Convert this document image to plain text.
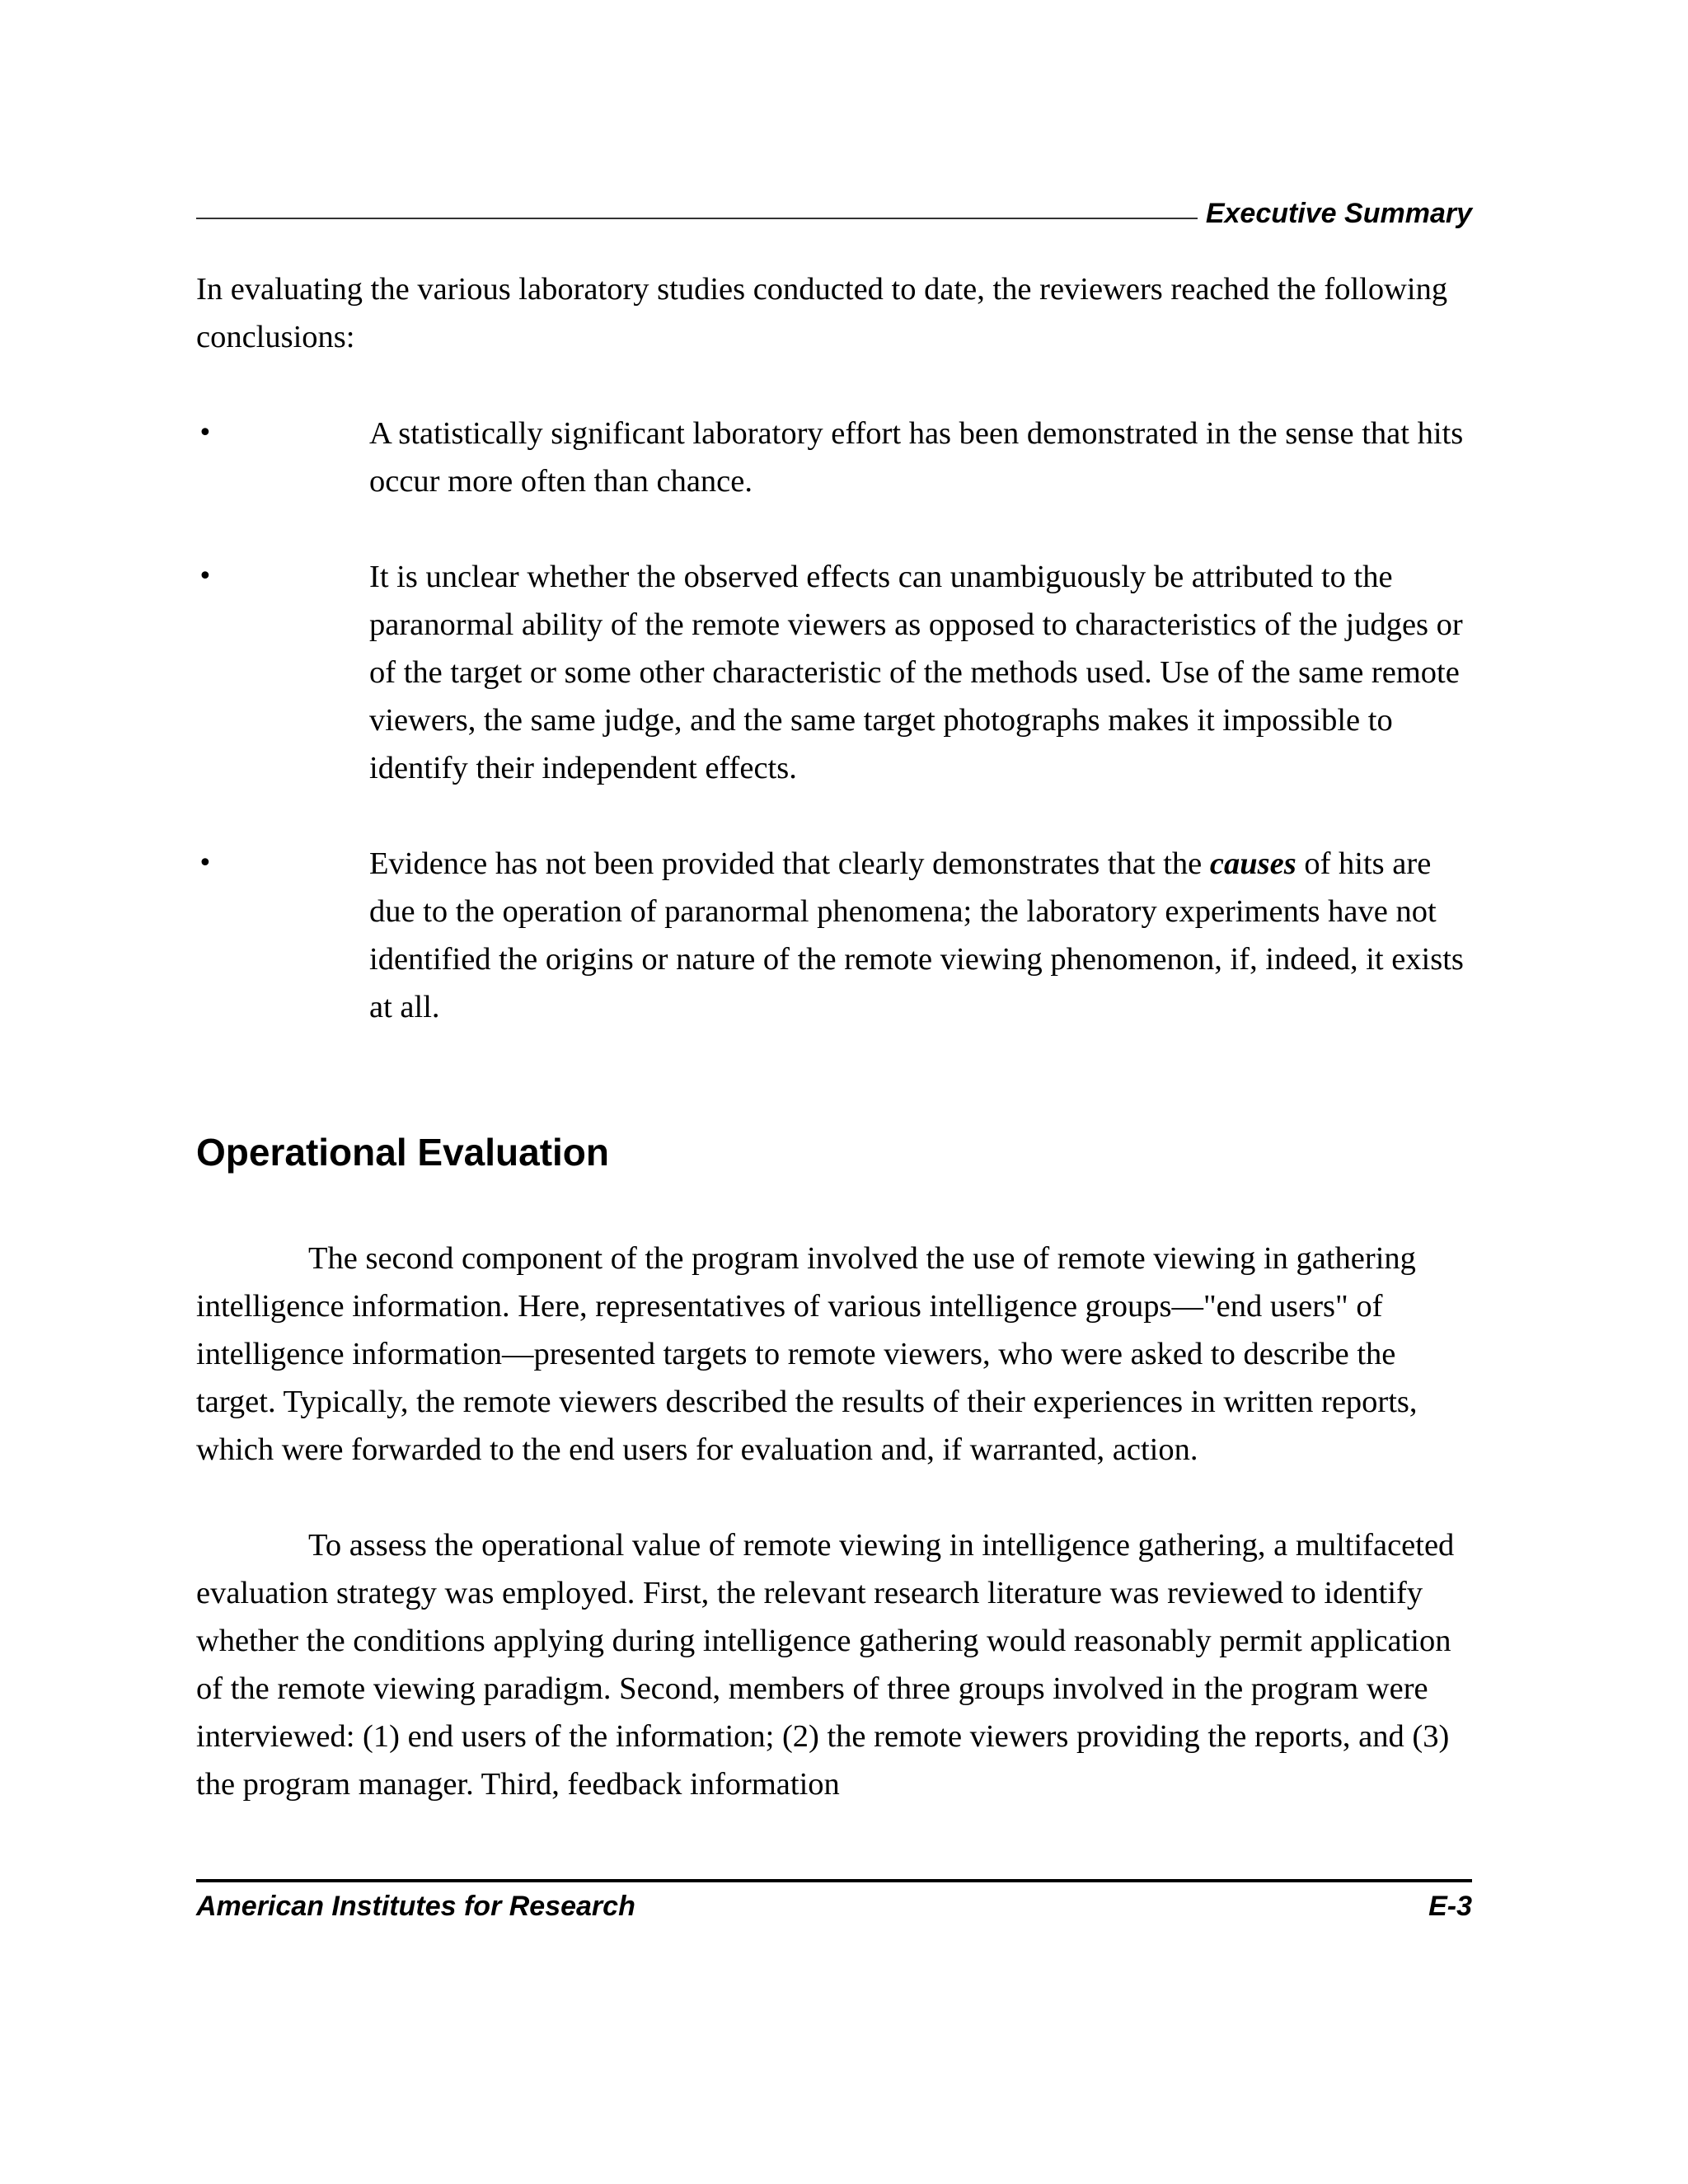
Executive Summary

In evaluating the various laboratory studies conducted to date, the reviewers reached the following conclusions:

•	A statistically significant laboratory effort has been demonstrated in the sense that hits occur more often than chance.
•	It is unclear whether the observed effects can unambiguously be attributed to the paranormal ability of the remote viewers as opposed to characteristics of the judges or of the target or some other characteristic of the methods used. Use of the same remote viewers, the same judge, and the same target photographs makes it impossible to identify their independent effects.
•	Evidence has not been provided that clearly demonstrates that the causes of hits are due to the operation of paranormal phenomena; the laboratory experiments have not identified the origins or nature of the remote viewing phenomenon, if, indeed, it exists at all.
Operational Evaluation

The second component of the program involved the use of remote viewing in gathering intelligence information. Here, representatives of various intelligence groups—"end users" of intelligence information—presented targets to remote viewers, who were asked to describe the target. Typically, the remote viewers described the results of their experiences in written reports, which were forwarded to the end users for evaluation and, if warranted, action.

To assess the operational value of remote viewing in intelligence gathering, a multifaceted evaluation strategy was employed. First, the relevant research literature was reviewed to identify whether the conditions applying during intelligence gathering would reasonably permit application of the remote viewing paradigm. Second, members of three groups involved in the program were interviewed: (1) end users of the information; (2) the remote viewers providing the reports, and (3) the program manager. Third, feedback information

American Institutes for Research	E-3
